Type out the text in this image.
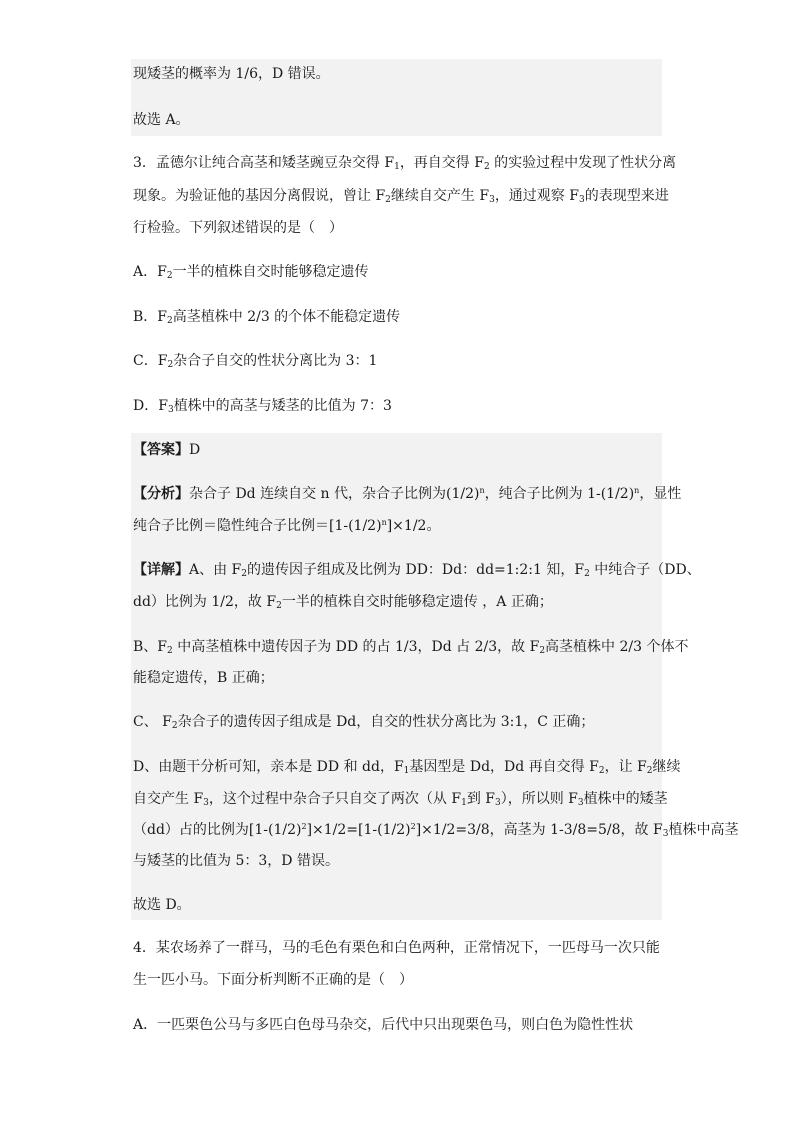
现矮茎的概率为 1/6，D 错误。
故选 A。
3．孟德尔让纯合高茎和矮茎豌豆杂交得 $F_1$，再自交得 $F_2$ 的实验过程中发现了性状分离
现象。为验证他的基因分离假说，曾让 $F_2$继续自交产生 $F_3$，通过观察 $F_3$的表现型来进
行检验。下列叙述错误的是（　）
A．$F_2$一半的植株自交时能够稳定遗传
B．$F_2$高茎植株中 2/3 的个体不能稳定遗传
C．$F_2$杂合子自交的性状分离比为 3：1
D．$F_3$植株中的高茎与矮茎的比值为 7：3
【答案】D
【分析】杂合子 Dd 连续自交 n 代，杂合子比例为$(1/2)^n$，纯合子比例为 $1-(1/2)^n$，显性
纯合子比例＝隐性纯合子比例$=[1-(1/2)^n]\times 1/2$。
【详解】A、由 $F_2$的遗传因子组成及比例为 DD：Dd：dd=1:2:1 知，$F_2$ 中纯合子（DD、
dd）比例为 1/2，故 $F_2$一半的植株自交时能够稳定遗传 ，A 正确；
B、$F_2$ 中高茎植株中遗传因子为 DD 的占 1/3，Dd 占 2/3，故 $F_2$高茎植株中 2/3 个体不
能稳定遗传，B 正确；
C、 $F_2$杂合子的遗传因子组成是 Dd，自交的性状分离比为 3:1，C 正确；
D、由题干分析可知，亲本是 DD 和 dd，$F_1$基因型是 Dd，Dd 再自交得 $F_2$，让 $F_2$继续
自交产生 $F_3$，这个过程中杂合子只自交了两次（从 $F_1$到 $F_3$），所以则 $F_3$植株中的矮茎
（dd）占的比例为$[1-(1/2)^2]\times 1/2=[1-(1/2)^2]\times 1/2=3/8$，高茎为 1-3/8=5/8，故 $F_3$植株中高茎
与矮茎的比值为 5：3，D 错误。
故选 D。
4．某农场养了一群马，马的毛色有栗色和白色两种，正常情况下，一匹母马一次只能
生一匹小马。下面分析判断不正确的是（　）
A．一匹栗色公马与多匹白色母马杂交，后代中只出现栗色马，则白色为隐性性状
